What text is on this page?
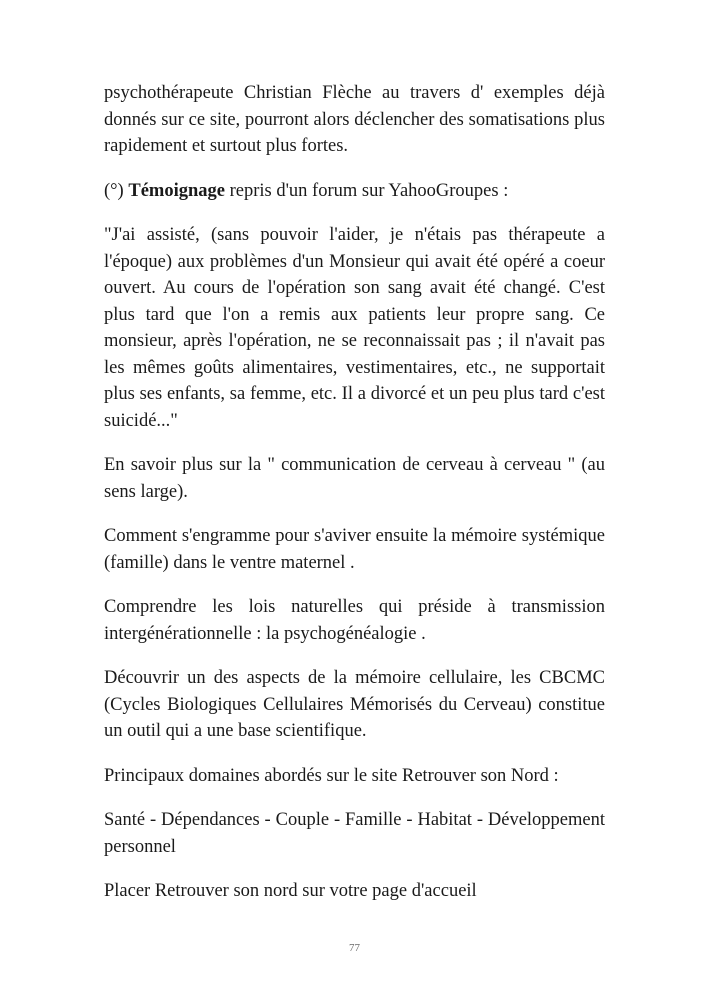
psychothérapeute Christian Flèche au travers d' exemples déjà donnés sur ce site, pourront alors déclencher des somatisations plus rapidement et surtout plus fortes.

(°) Témoignage repris d'un forum sur YahooGroupes :

"J'ai assisté, (sans pouvoir l'aider, je n'étais pas thérapeute a l'époque) aux problèmes d'un Monsieur qui avait été opéré a coeur ouvert. Au cours de l'opération son sang avait été changé. C'est plus tard que l'on a remis aux patients leur propre sang. Ce monsieur, après l'opération, ne se reconnaissait pas ; il n'avait pas les mêmes goûts alimentaires, vestimentaires, etc., ne supportait plus ses enfants, sa femme, etc. Il a divorcé et un peu plus tard c'est suicidé..."

En savoir plus sur la " communication de cerveau à cerveau " (au sens large).

Comment s'engramme pour s'aviver ensuite la mémoire systémique (famille) dans le ventre maternel .

Comprendre les lois naturelles qui préside à transmission intergénérationnelle : la psychogénéalogie .

Découvrir un des aspects de la mémoire cellulaire, les CBCMC (Cycles Biologiques Cellulaires Mémorisés du Cerveau) constitue un outil qui a une base scientifique.

Principaux domaines abordés sur le site Retrouver son Nord :

Santé - Dépendances - Couple - Famille - Habitat - Développement personnel

Placer Retrouver son nord sur votre page d'accueil

77
